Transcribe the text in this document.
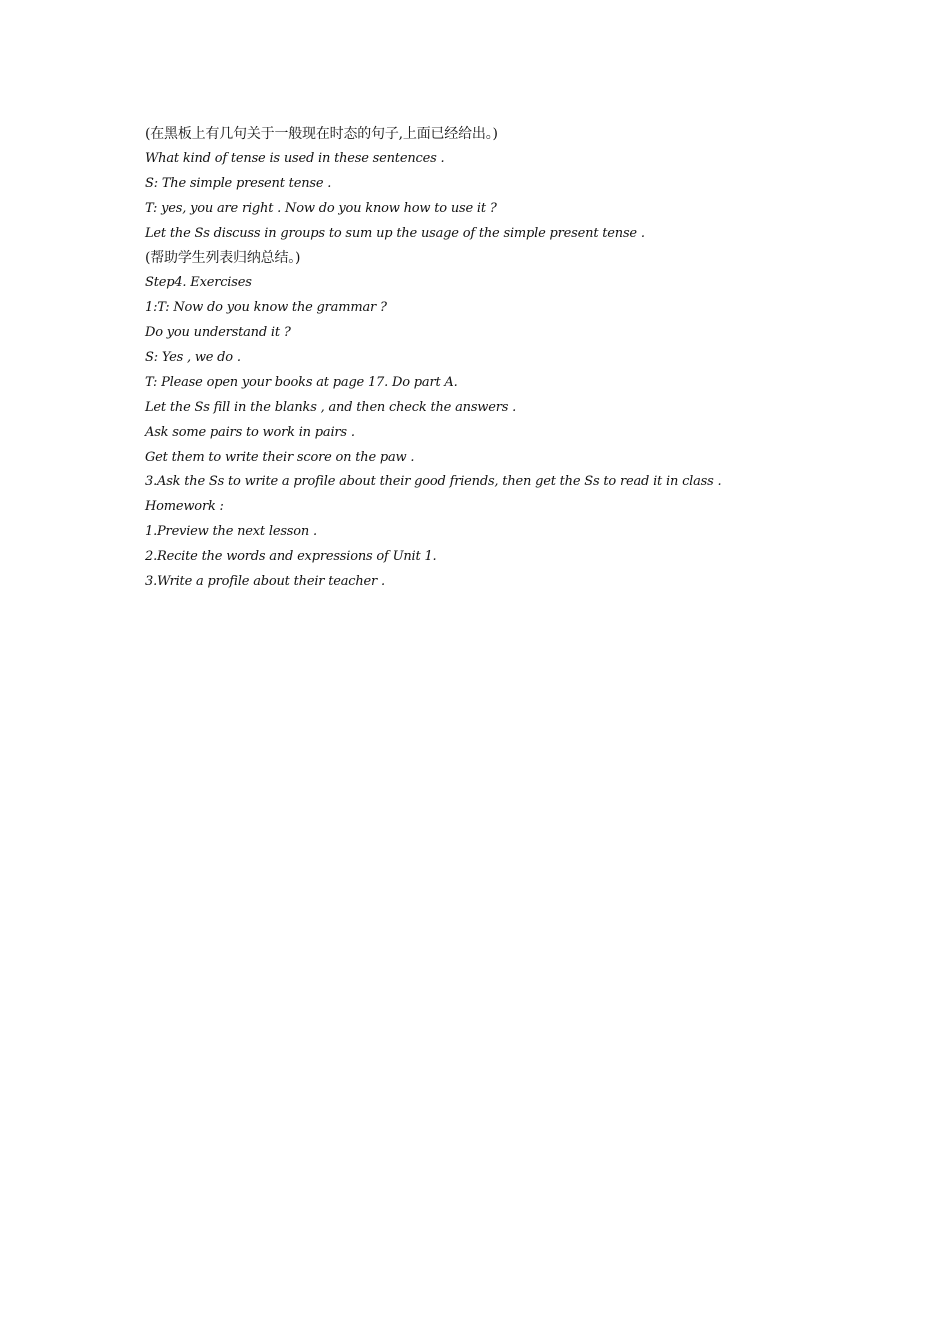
(在黑板上有几句关于一般现在时态的句子,上面已经给出。)
What kind of tense is used in these sentences .
S: The simple present tense .
T: yes, you are right . Now do you know how to use it ?
Let the Ss discuss in groups to sum up the usage of the simple present tense .
(帮助学生列表归纳总结。)
Step4. Exercises
1:T: Now do you know the grammar ?
Do you understand it ?
S: Yes , we do .
T: Please open your books at page 17. Do part A.
Let the Ss fill in the blanks , and then check the answers .
Ask some pairs to work in pairs .
Get them to write their score on the paw .
3.Ask the Ss to write a profile about their good friends, then get the Ss to read it in class .
Homework :
1.Preview the next lesson .
2.Recite the words and expressions of Unit 1.
3.Write a profile about their teacher .
